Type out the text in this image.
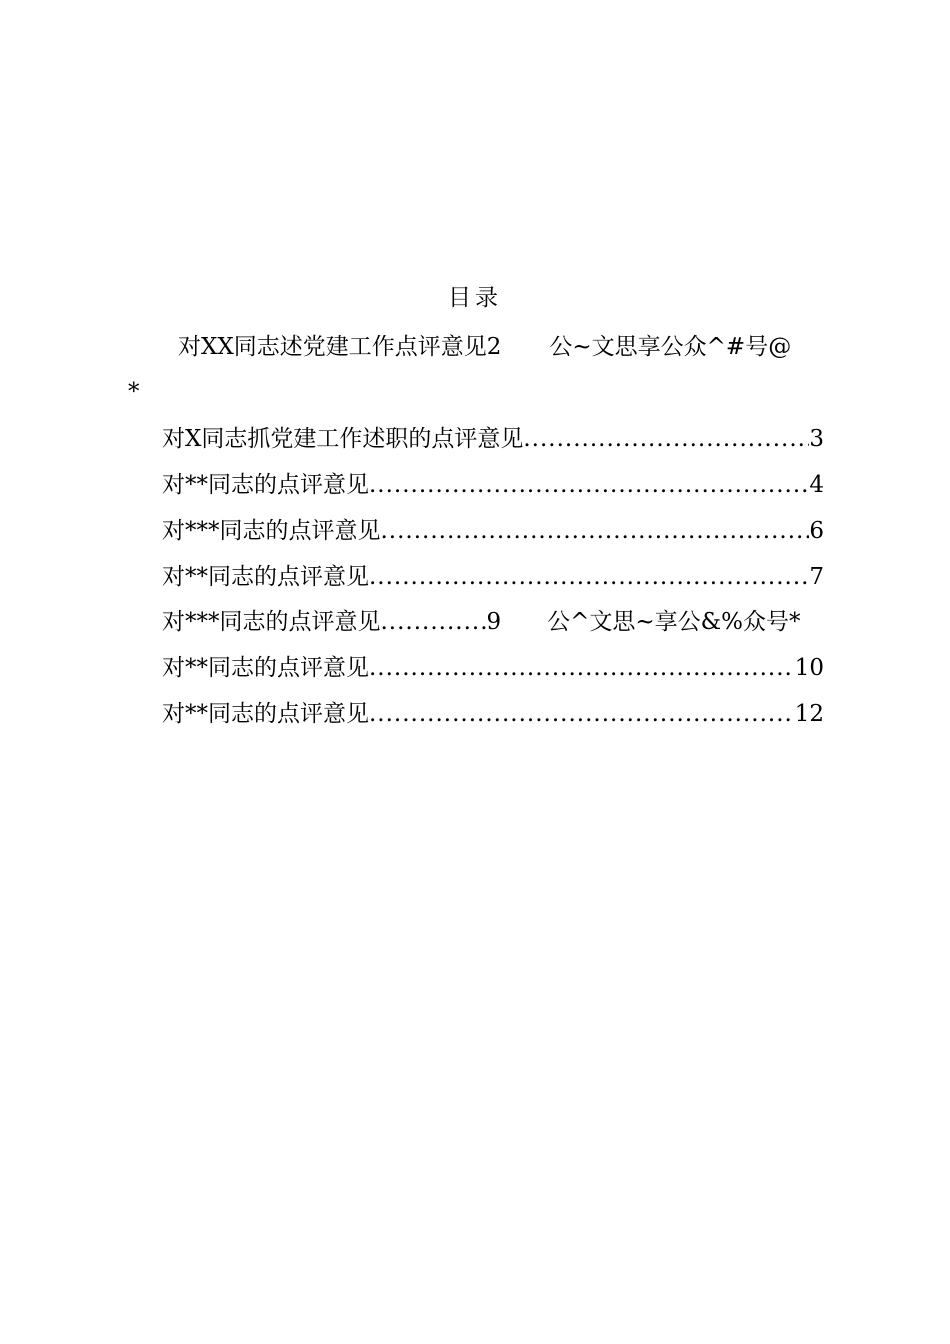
目录
对XX同志述党建工作点评意见2 公~文思享公众^#号@
*
对X同志抓党建工作述职的点评意见 .....	3
对**同志的点评意见 .....	4
对***同志的点评意见 .....	6
对**同志的点评意见 .....	7
对***同志的点评意见 .....	9 公^文思~享公&%众号*
对**同志的点评意见 .....	10
对**同志的点评意见 .....	12
